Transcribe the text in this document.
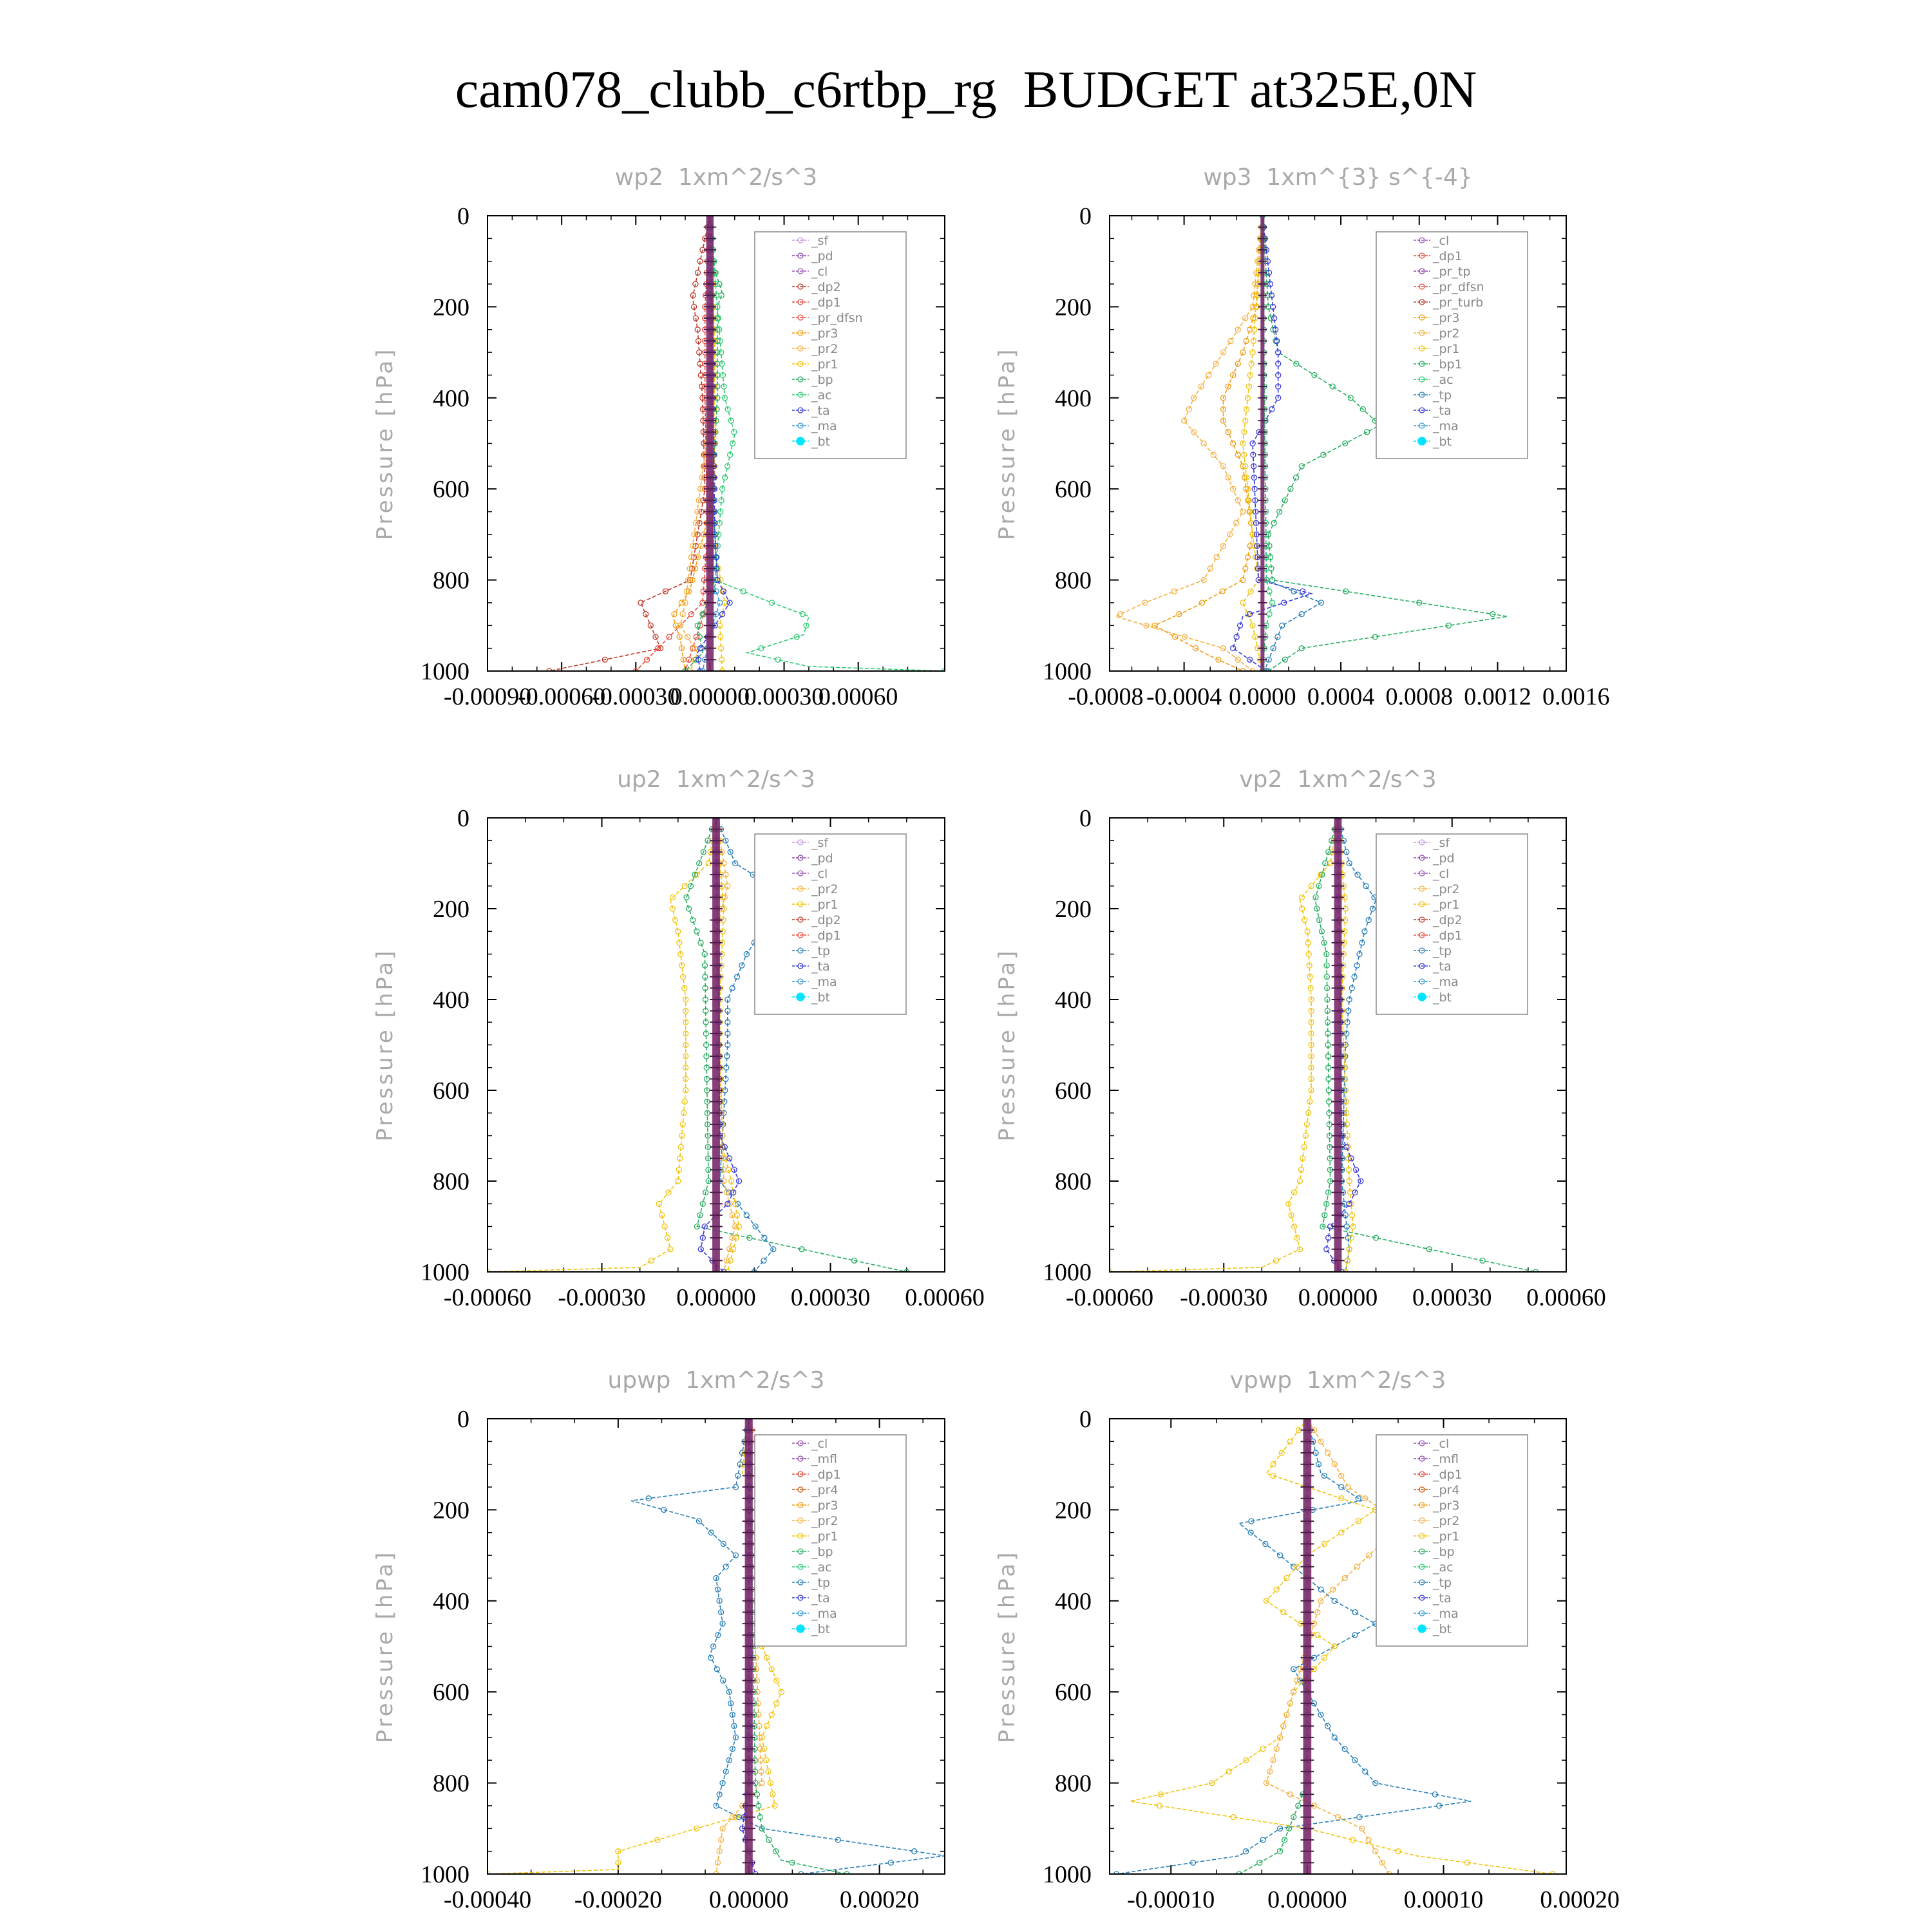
cam078_clubb_c6rtbp_rg  BUDGET at325E,0N
wp2  1xm^2/s^3
Pressure [hPa]
0
200
400
600
800
1000
-0.00090
-0.00060
-0.00030
0.00000
0.00030
0.00060
_sf
_pd
_cl
_dp2
_dp1
_pr_dfsn
_pr3
_pr2
_pr1
_bp
_ac
_ta
_ma
_bt
wp3  1xm^{3} s^{-4}
Pressure [hPa]
0
200
400
600
800
1000
-0.0008 -0.0004 0.0000 0.0004 0.0008 0.0012 0.0016
_cl
_dp1
_pr_tp
_pr_dfsn
_pr_turb
_pr3
_pr2
_pr1
_bp1
_ac
_tp
_ta
_ma
_bt
up2  1xm^2/s^3
Pressure [hPa]
0
200
400
600
800
1000
-0.00060 -0.00030 0.00000 0.00030 0.00060
_sf
_pd
_cl
_pr2
_pr1
_dp2
_dp1
_tp
_ta
_ma
_bt
vp2  1xm^2/s^3
Pressure [hPa]
0
200
400
600
800
1000
-0.00060 -0.00030 0.00000 0.00030 0.00060
_sf
_pd
_cl
_pr2
_pr1
_dp2
_dp1
_tp
_ta
_ma
_bt
upwp  1xm^2/s^3
Pressure [hPa]
0
200
400
600
800
1000
-0.00040 -0.00020 0.00000 0.00020
_cl
_mfl
_dp1
_pr4
_pr3
_pr2
_pr1
_bp
_ac
_tp
_ta
_ma
_bt
vpwp  1xm^2/s^3
Pressure [hPa]
0
200
400
600
800
1000
-0.00010 0.00000 0.00010 0.00020
_cl
_mfl
_dp1
_pr4
_pr3
_pr2
_pr1
_bp
_ac
_tp
_ta
_ma
_bt
